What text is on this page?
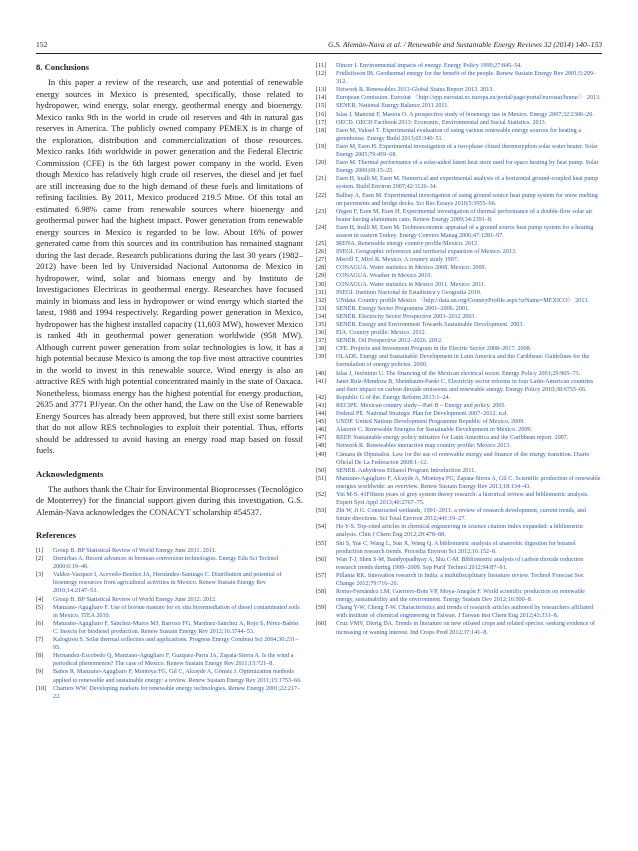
152	G.S. Alemán-Nava et al. / Renewable and Sustainable Energy Reviews 32 (2014) 140–153
8. Conclusions

In this paper a review of the research, use and potential of renewable energy sources in Mexico is presented, specifically, those related to hydropower, wind energy, solar energy, geothermal energy and bioenergy. Mexico ranks 9th in the world in crude oil reserves and 4th in natural gas reserves in America. The publicly owned company PEMEX is in charge of the exploration, distribution and commercialization of those resources. Mexico ranks 16th worldwide in power generation and the Federal Electric Commission (CFE) is the 6th largest power company in the world. Even though Mexico has relatively high crude oil reserves, the diesel and jet fuel are still increasing due to the high demand of these fuels and limitations of refining facilities. By 2011, Mexico produced 219.5 Mtoe. Of this total an estimated 6.98% came from renewable sources where bioenergy and geothermal power had the highest impact. Power generation from renewable energy sources in Mexico is regarded to be low. About 16% of power generated came from this sources and its contribution has remained stagnant during the last decade. Research publications during the last 30 years (1982–2012) have been led by Universidad Nacional Autonoma de Mexico in hydropower, wind, solar and biomass energy and by Instituto de Investigaciones Electricas in geothermal energy. Researches have focused mainly in biomass and less in hydropower or wind energy which started the latest, 1988 and 1994 respectively. Regarding power generation in Mexico, hydropower has the highest installed capacity (11,603 MW), however Mexico is ranked 4th in geothermal power generation worldwide (958 MW). Although current power generation from solar technologies is low, it has a high potential because Mexico is among the top five most attractive countries in the world to invest in this renewable source. Wind energy is also an attractive RES with high potential concentrated mainly in the state of Oaxaca. Nonetheless, biomass energy has the highest potential for energy production, 2635 and 3771 PJ/year. On the other hand, the Law on the Use of Renewable Energy Sources has already been approved, but there still exist some barriers that do not allow RES technologies to exploit their potential. Thus, efforts should be addressed to avoid having an energy road map based on fossil fuels.

Acknowledgments

The authors thank the Chair for Environmental Bioprocesses (Tecnológico de Monterrey) for the financial support given during this investigation. G.S. Alemán-Nava acknowledges the CONACYT scholarship #54537.

References
[1] Group B. BP Statistical Review of World Energy June 2011. 2011.
[2] Demirbas A. Recent advances in biomass conversion technologies. Energy Edu Sci Technol 2000;6:19–40.
[3] Valdez-Vazquez I, Acevedo-Benítez JA, Hernández-Santiago C. Distribution and potential of bioenergy resources from agricultural activities in Mexico. Renew Sustain Energy Rev 2010;14:2147–53.
[4] Group B. BP Statistical Review of World Energy June 2012. 2012.
[5] Manzano-Agugliaro F. Use of bovine manure for ex situ bioremediation of diesel contaminated soils in Mexico. ITEA 2010.
[6] Manzano-Agugliaro F, Sánchez-Muros MJ, Barroso FG, Martínez-Sánchez A, Rojo S, Pérez-Bañón C. Insects for biodiesel production. Renew Sustain Energy Rev 2012;16:3744–53.
[7] Kalogirou S. Solar thermal collectors and applications. Progress Energy Combust Sci 2004;30:231–95.
[8] Hernandez-Escobedo Q, Manzano-Agugliaro F, Gazquez-Parra JA, Zapata-Sierra A. Is the wind a periodical phenomenon? The case of Mexico. Renew Sustain Energy Rev 2011;15:721–8.
[9] Baños R, Manzano-Agugliaro F, Montoya FG, Gil C, Alcayde A, Gómez J. Optimization methods applied to renewable and sustainable energy: a review. Renew Sustain Energy Rev 2011;15:1753–66.
[10] Charters WW. Developing markets for renewable energy technologies. Renew Energy 2001;22:217–22.
[11] Dincer I. Environmental impacts of energy. Energy Policy 1999;27:845–54.
[12] Fridleifsson IB. Geothermal energy for the benefit of the people. Renew Sustain Energy Rev 2001;5:299–312.
[13] Network R. Renewables 2013-Global Status Report 2013. 2013.
[14] European Comission. Eurostat 〈http://epp.eurostat.ec.europa.eu/portal/page/portal/eurostat/home/〉 2013.
[15] SENER. National Energy Balance 2011 2011.
[16] Islas J, Manzini F, Masera O. A prospective study of bioenergy use in Mexico. Energy 2007;32:2306–20.
[17] OECD. OECD Factbook 2013: Economic, Environmental and Social Statistics. 2013.
[18] Esen M, Yuksel T. Experimental evaluation of using various renewable energy sources for heating a greenhouse. Energy Build 2013;65:340–51.
[19] Esen M, Esen H. Experimental investigation of a two-phase closed thermosyphon solar water heater. Solar Energy 2005;79:459–68.
[20] Esen M. Thermal performance of a solar-aided latent heat store used for space heating by heat pump. Solar Energy 2000;69:15–25.
[21] Esen H, Inalli M, Esen M. Numerical and experimental analysis of a horizontal ground-coupled heat pump system. Build Environ 2007;42:1126–34.
[22] Balbay A, Esen M. Experimental investigation of using ground source heat pump system for snow melting on pavements and bridge decks. Sci Res Essays 2010;5:3955–66.
[23] Ozgen F, Esen M, Esen H. Experimental investigation of thermal performance of a double-flow solar air heater having aluminium cans. Renew Energy 2009;34:2391–8.
[24] Esen H, Inalli M, Esen M. Technoeconomic appraisal of a ground source heat pump system for a heating season in eastern Turkey. Energy Convers Manag 2006;47:1281–97.
[25] IRENA. Renewable energy country profile:Mexico. 2012.
[26] INEGI. Geographic references and territorial expansion of Mexico. 2013.
[27] Merrill T, Miró R. Mexico: A country study 1997.
[28] CONAGUA. Water statistics in Mexico 2008. Mexico: 2009.
[29] CONAGUA. Weather in Mexico 2010.
[30] CONAGUA. Water statistics in Mexico 2011. Mexico: 2011.
[31] INEGI. Instituto Nacional de Estadistica y Geografia 2010.
[32] UNdata. Country profile Mexico 〈http://data.un.org/CountryProfile.aspx?crName=MEXICO〉 2013.
[33] SENER. Energy Sector Programme 2001–2006. 2001.
[34] SENER. Electricity Sector Prospective 2003–2012 2003.
[35] SENER. Energy and Environment Towards Sustainable Development. 2003.
[36] EIA. Country profile: Mexico. 2012.
[37] SENER. Oil Prospective 2012–2026. 2012.
[38] CFE. Projects and Investment Program in the Electric Sector 2008–2017. 2008.
[39] OLADE. Energy and Sustainable Development in Latin America and the Caribbean: Guidelines for the formulation of energy policies. 2000.
[40] Islas J, Jerónimo U. The financing of the Mexican electrical sector. Energy Policy 2001;29:965–73.
[41] Janet Ruiz-Mendoza B, Sheinbaum-Pardo C. Electricity sector reforms in four Latin-American countries and their impact on carbon dioxide emissions and renewable energy. Energy Policy 2010;38:6755–66.
[42] Republic G of the. Energy Reform 2013:1–24.
[43] RECIPE. Mexican country study—Part B – Energy and policy. 2005.
[44] Federal PE. National Strategic Plan for Development 2007–2012. n.d.
[45] UNDP. United Nations Development Programme Republic of Mexico. 2009.
[46] Alatorre C. Renewable Energies for Sustainable Development in Mexico. 2009.
[47] REEP. Sustainable energy policy initiative for Latin Ameritica and the Caribbean report. 2007.
[48] Network R. Renewables interactive map country profile: Mexico 2013.
[49] Cámara de Diputados. Law for the use of renewable energy and finance of the energy transition. Diario Oficial De La Federacion 2008:1–12.
[50] SENER. Anhydrous Ethanol Program Introduction 2011.
[51] Manzano-Agugliaro F, Alcayde A, Montoya FG, Zapata-Sierra A, Gil C. Scientific production of renewable energies worldwide: an overview. Renew Sustain Energy Rev 2013;18:134–43.
[52] Yin M-S. 41Fifteen years of grey system theory research: a historical review and bibliometric analysis. Expert Syst Appl 2013;40:2767–75.
[53] Zhi W, Ji G. Constructed wetlands, 1991–2011: a review of research development, current trends, and future directions. Sci Total Environ 2012;441:19–27.
[54] Ho Y-S. Top-cited articles in chemical engineering in science citation index expanded: a bibliometric analysis. Chin J Chem Eng 2012;20:478–88.
[55] Shi S, Yue C, Wang L, Sun X, Wang Q. A bibliometric analysis of anaerobic digestion for butanol production research trends. Procedia Environ Sci 2012;16:152–8.
[56] Wan T-J, Shen S-M, Bandyopadhyay A, Shu C-M. Bibliometric analysis of carbon dioxide reduction research trends during 1999–2009. Sep Purif Technol 2012;94:87–91.
[57] Pillania RK. Innovation research in India: a multidisciplinary literature review. Technol Forecast Soc Change 2012;79:716–20.
[58] Romo-Fernández LM, Guerrero-Bote VP, Moya-Anegón F. World scientific production on renewable energy, sustainability and the environment. Energy Sustain Dev 2012;16:500–8.
[59] Chang Y-W, Cheng T-W. Characteristics and trends of research articles authored by researchers affiliated with institute of chemical engineering in Taiwan. J Taiwan Inst Chem Eng 2012;43:331–8.
[60] Cruz VMV, Dierig DA. Trends in literature on new oilseed crops and related species: seeking evidence of increasing or waning interest. Ind Crops Prod 2012;37:141–8.
